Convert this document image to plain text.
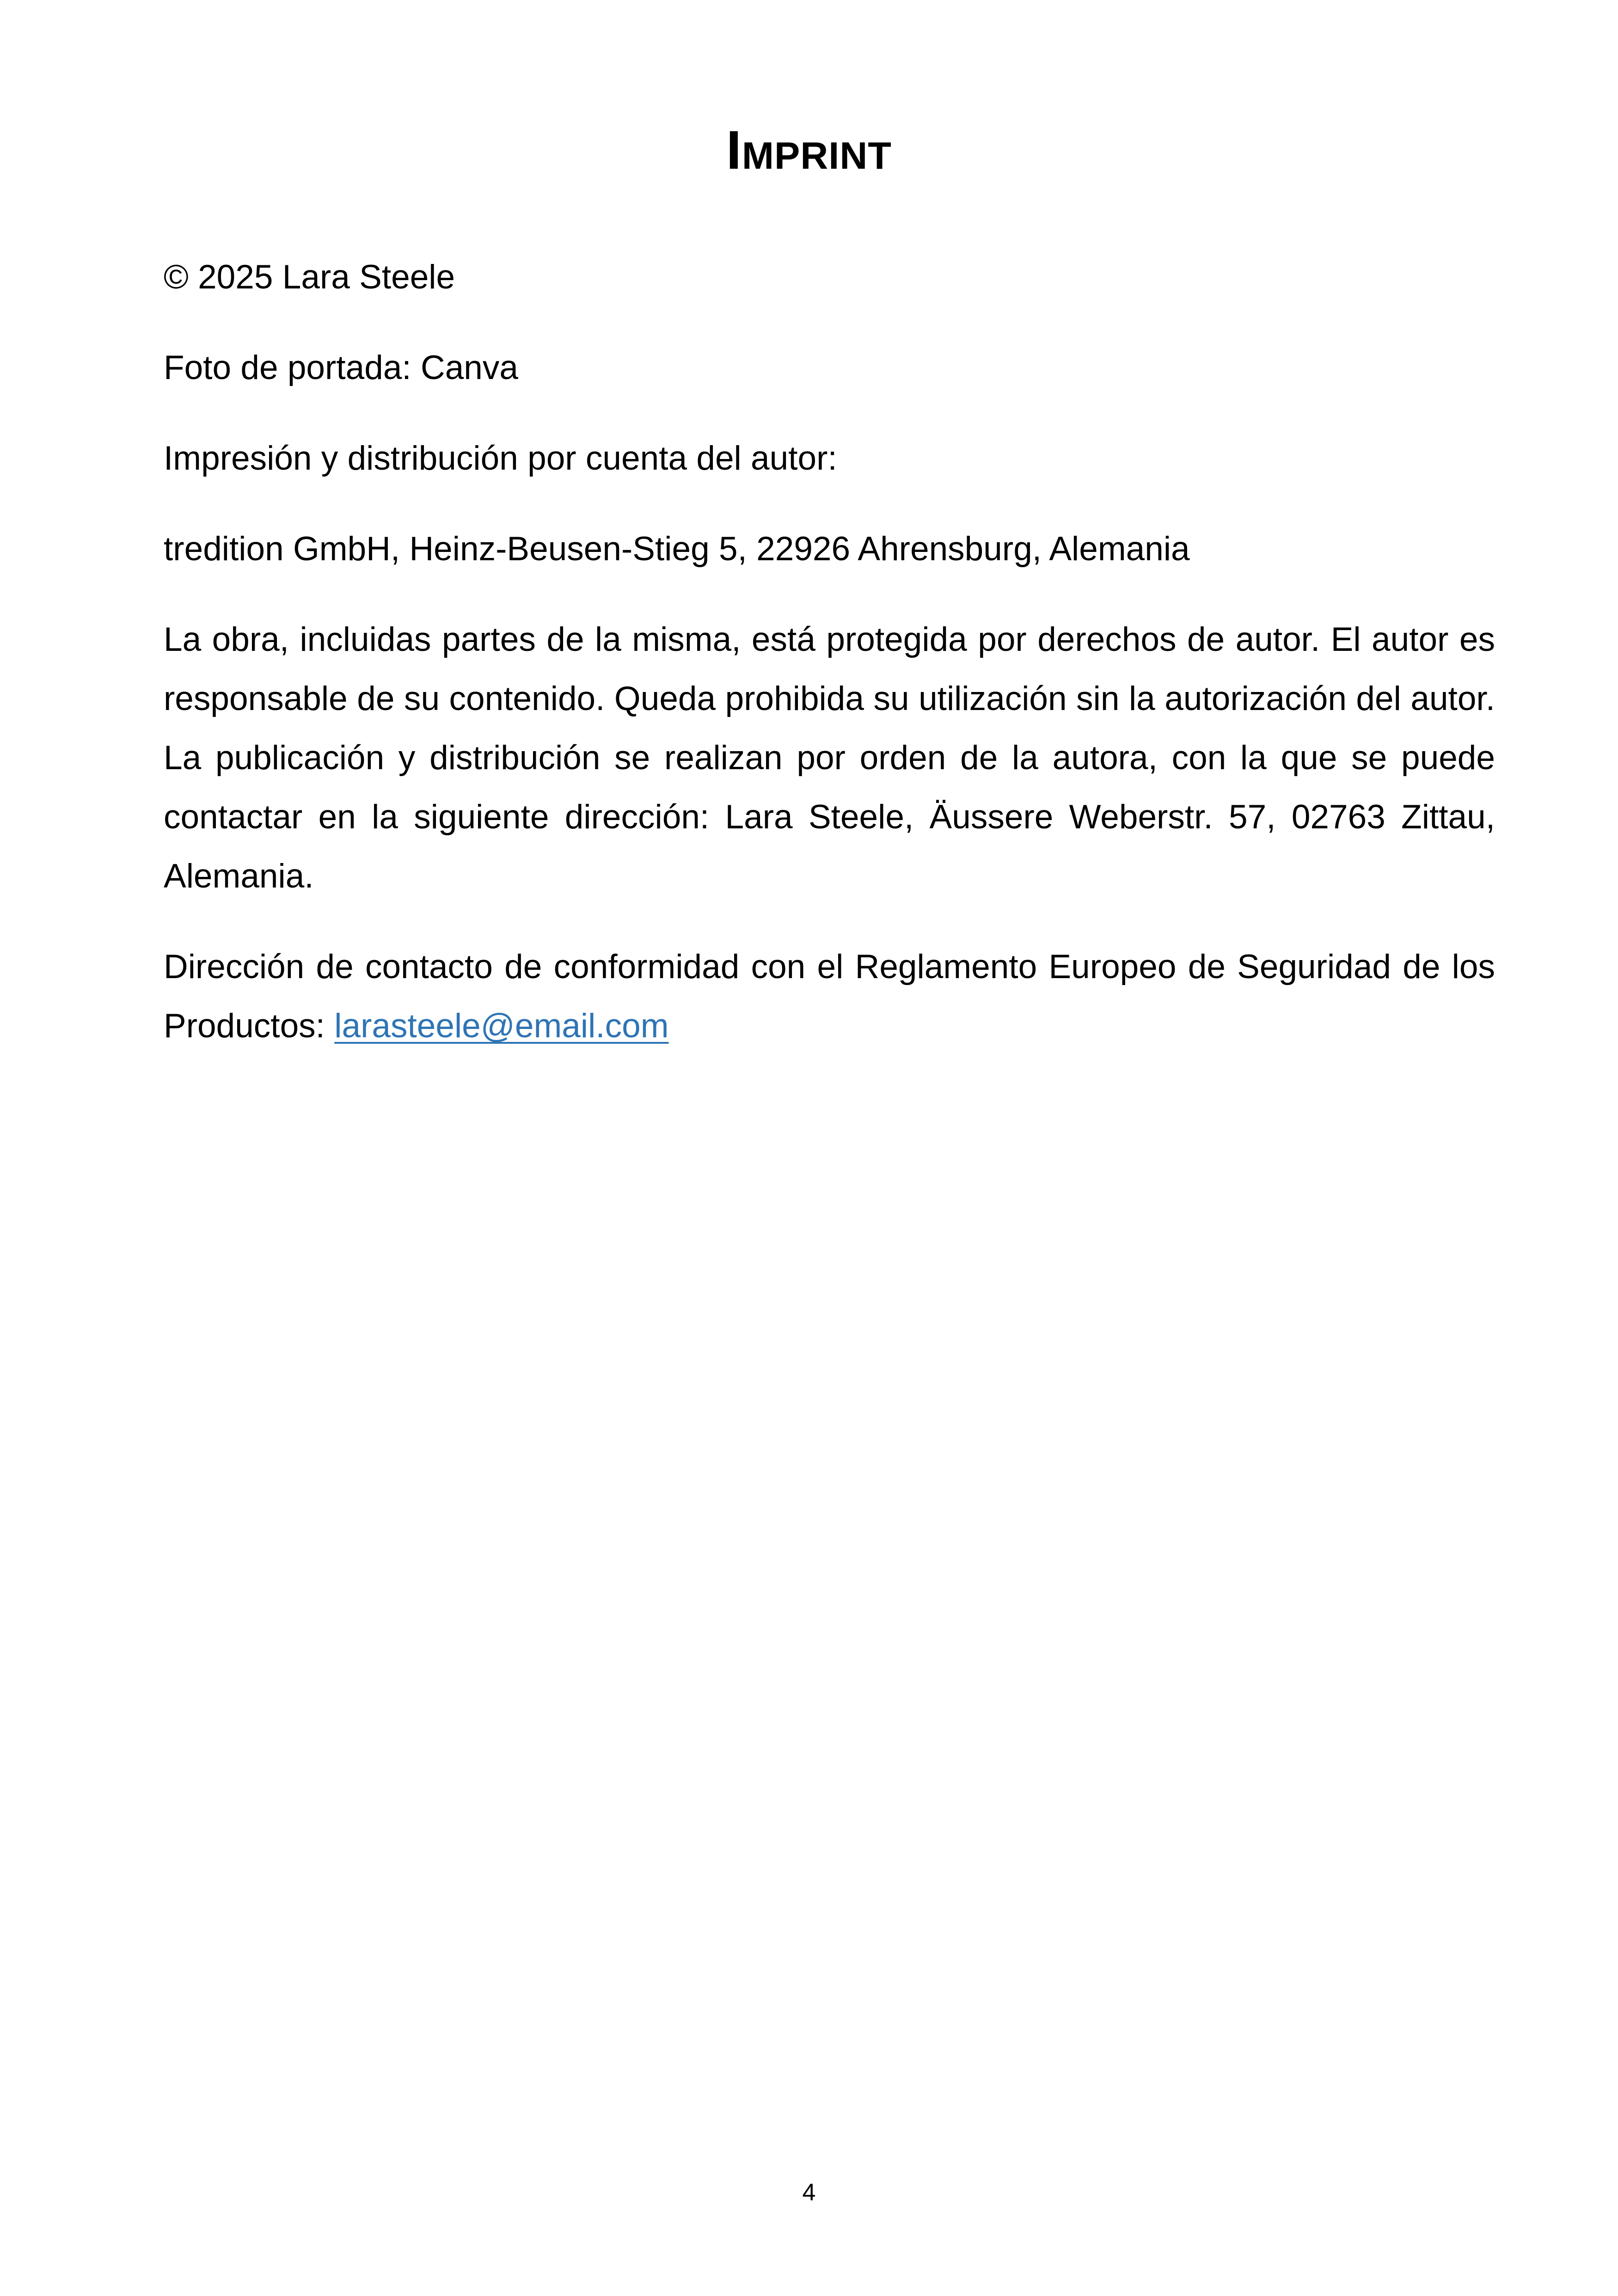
Imprint

© 2025 Lara Steele

Foto de portada: Canva

Impresión y distribución por cuenta del autor:

tredition GmbH, Heinz-Beusen-Stieg 5, 22926 Ahrensburg, Alemania

La obra, incluidas partes de la misma, está protegida por derechos de autor. El autor es responsable de su contenido. Queda prohibida su utilización sin la autorización del autor. La publicación y distribución se realizan por orden de la autora, con la que se puede contactar en la siguiente dirección: Lara Steele, Äussere Weberstr. 57, 02763 Zittau, Alemania.

Dirección de contacto de conformidad con el Reglamento Europeo de Seguridad de los Productos: larasteele@email.com

4
